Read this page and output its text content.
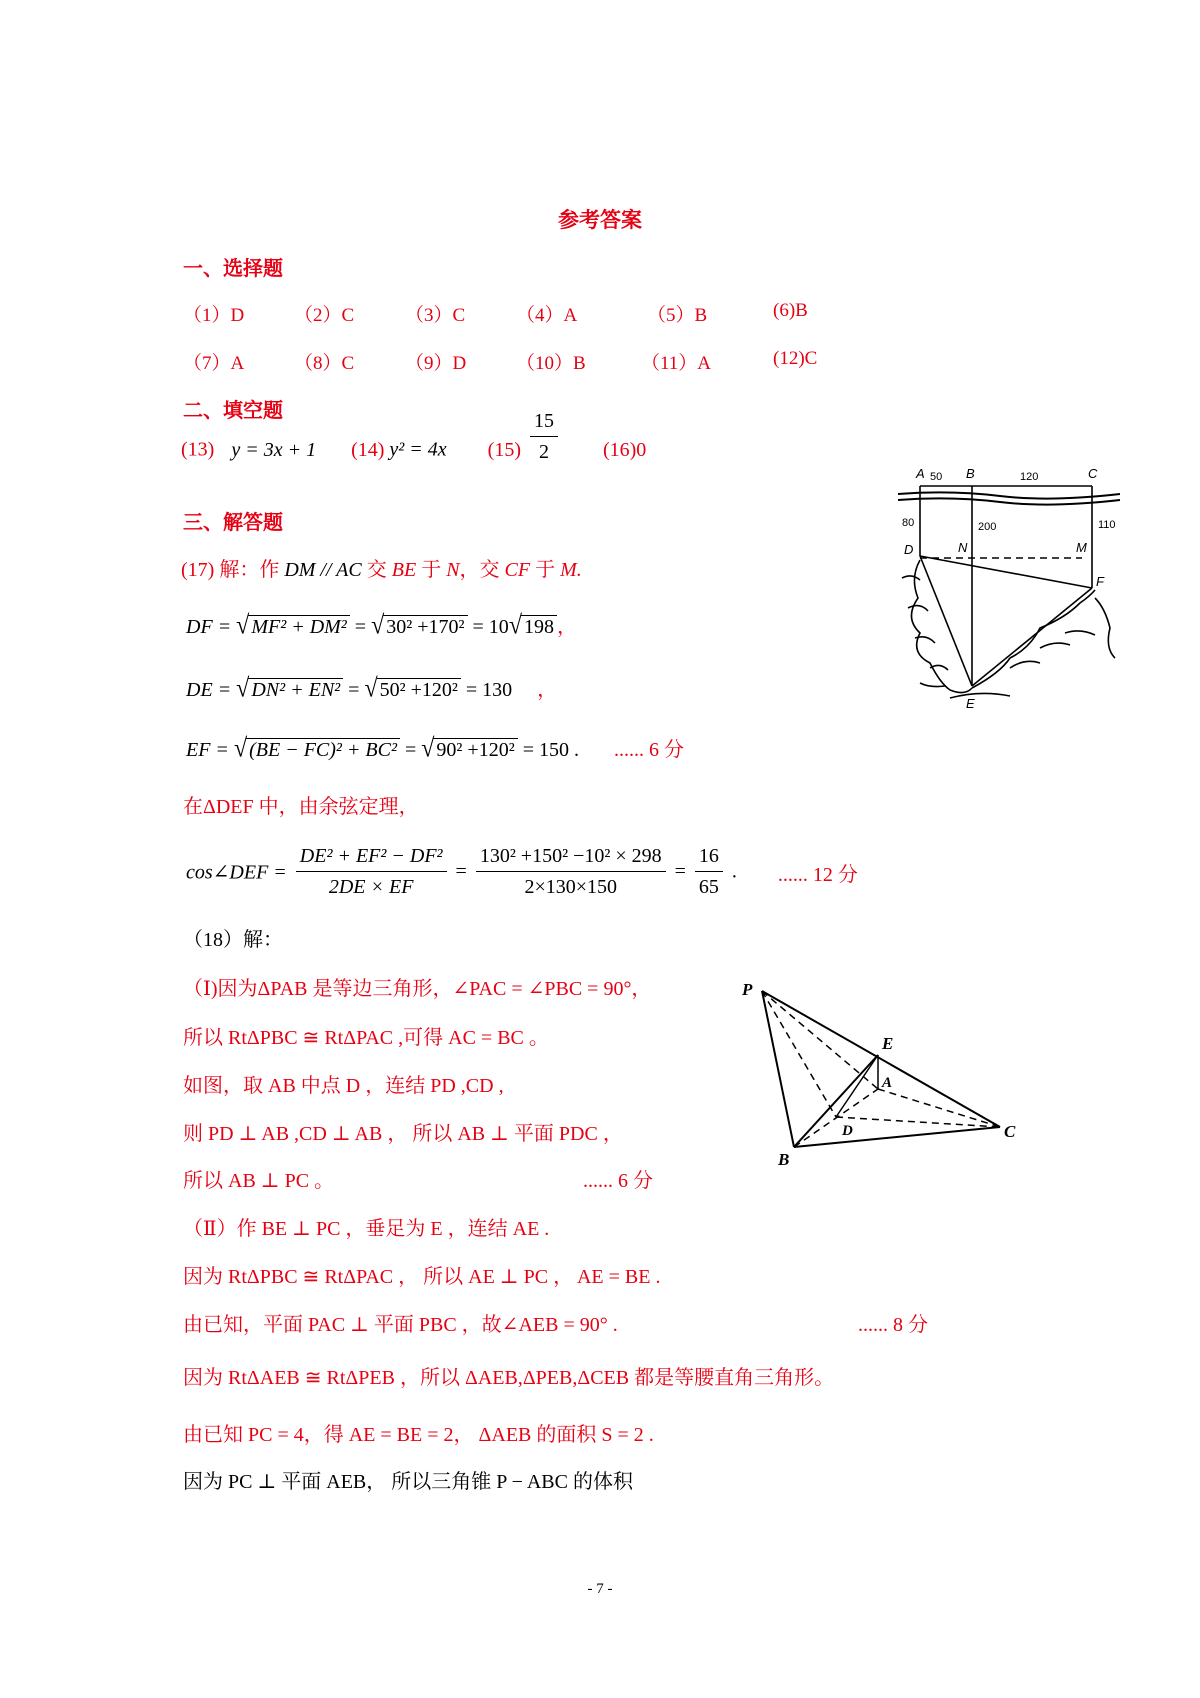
参考答案
一、选择题
（1）D	（2）C	（3）C	（4）A	（5）B	(6)B
（7）A	（8）C	（9）D	（10）B	（11）A	(12)C
二、填空题
(13) y = 3x + 1 (14) y² = 4x $(15) \frac{15}{2} (16)0$
三、解答题
(17) 解：作 DM // AC 交 BE 于 N，交 CF 于 M.
DF = √ MF² + DM² = √ 30² +170² = 10√ 198 ，
DE = √ DN² + EN² = √ 50² +120² = 130 ，
EF = √ (BE − FC)² + BC² = √ 90² +120² = 150 . ...... 6 分
在ΔDEF 中，由余弦定理，
cos∠DEF = $\frac{\text{DE² + EF² − DF²}}{2DE \times EF} = \frac{\text{130² +150² −10² × 298}}{2\times 130\times 150} = \frac{16}{65}$ . ...... 12 分
A 50 B	120	C
80	200	110
D	N	M
F
E
（18）解：
（Ⅰ)因为ΔPAB 是等边三角形，∠PAC = ∠PBC = 90°，
所以 RtΔPBC ≅ RtΔPAC ,可得 AC = BC 。
如图，取 AB 中点 D ，连结 PD ,CD ,
则 PD ⊥ AB ,CD ⊥ AB ， 所以 AB ⊥ 平面 PDC ，
所以 AB ⊥ PC 。	...... 6 分
（Ⅱ）作 BE ⊥ PC ，垂足为 E ，连结 AE .
因为 RtΔPBC ≅ RtΔPAC ， 所以 AE ⊥ PC ， AE = BE .
由已知，平面 PAC ⊥ 平面 PBC ，故∠AEB = 90° .	...... 8 分
因为 RtΔAEB ≅ RtΔPEB ，所以 ΔAEB,ΔPEB,ΔCEB 都是等腰直角三角形。
由已知 PC = 4，得 AE = BE = 2， ΔAEB 的面积 S = 2 .
因为 PC ⊥ 平面 AEB， 所以三角锥 P − ABC 的体积
P
E
A
D
B
C
- 7 -
